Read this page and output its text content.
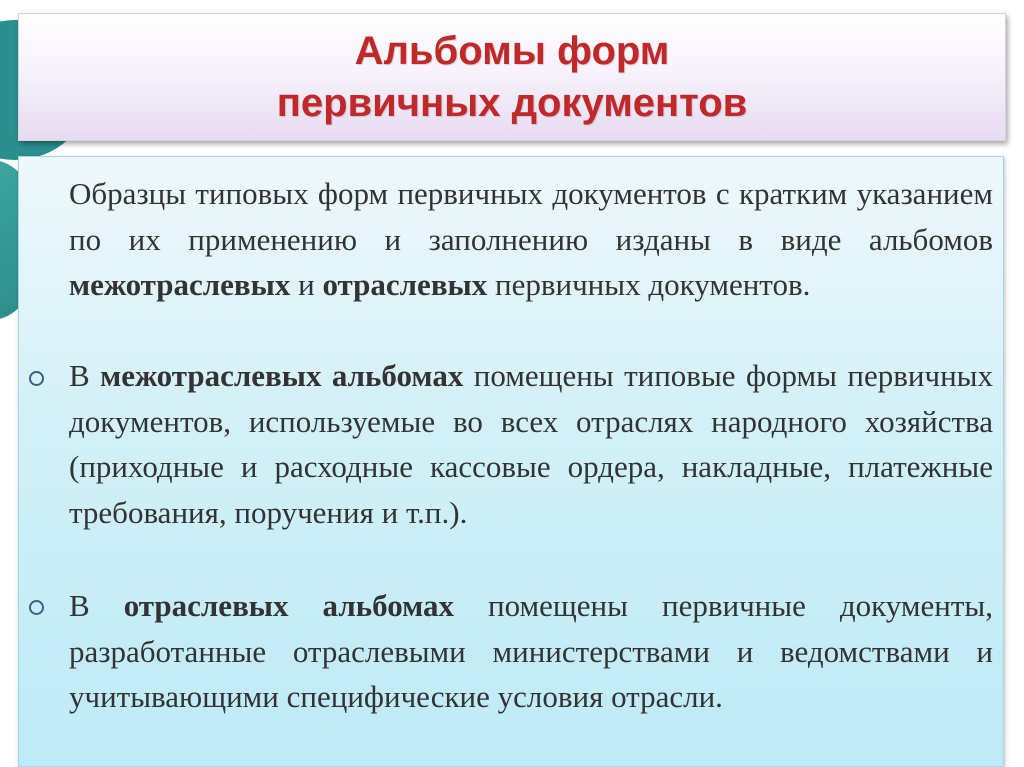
Альбомы форм
первичных документов

Образцы типовых форм первичных документов с кратким указанием по их применению и заполнению изданы в виде альбомов межотраслевых и отраслевых первичных документов.

В межотраслевых альбомах помещены типовые формы первичных документов, используемые во всех отраслях народного хозяйства (приходные и расходные кассовые ордера, накладные, платежные требования, поручения и т.п.).

В отраслевых альбомах помещены первичные документы, разработанные отраслевыми министерствами и ведомствами и учитывающими специфические условия отрасли.
